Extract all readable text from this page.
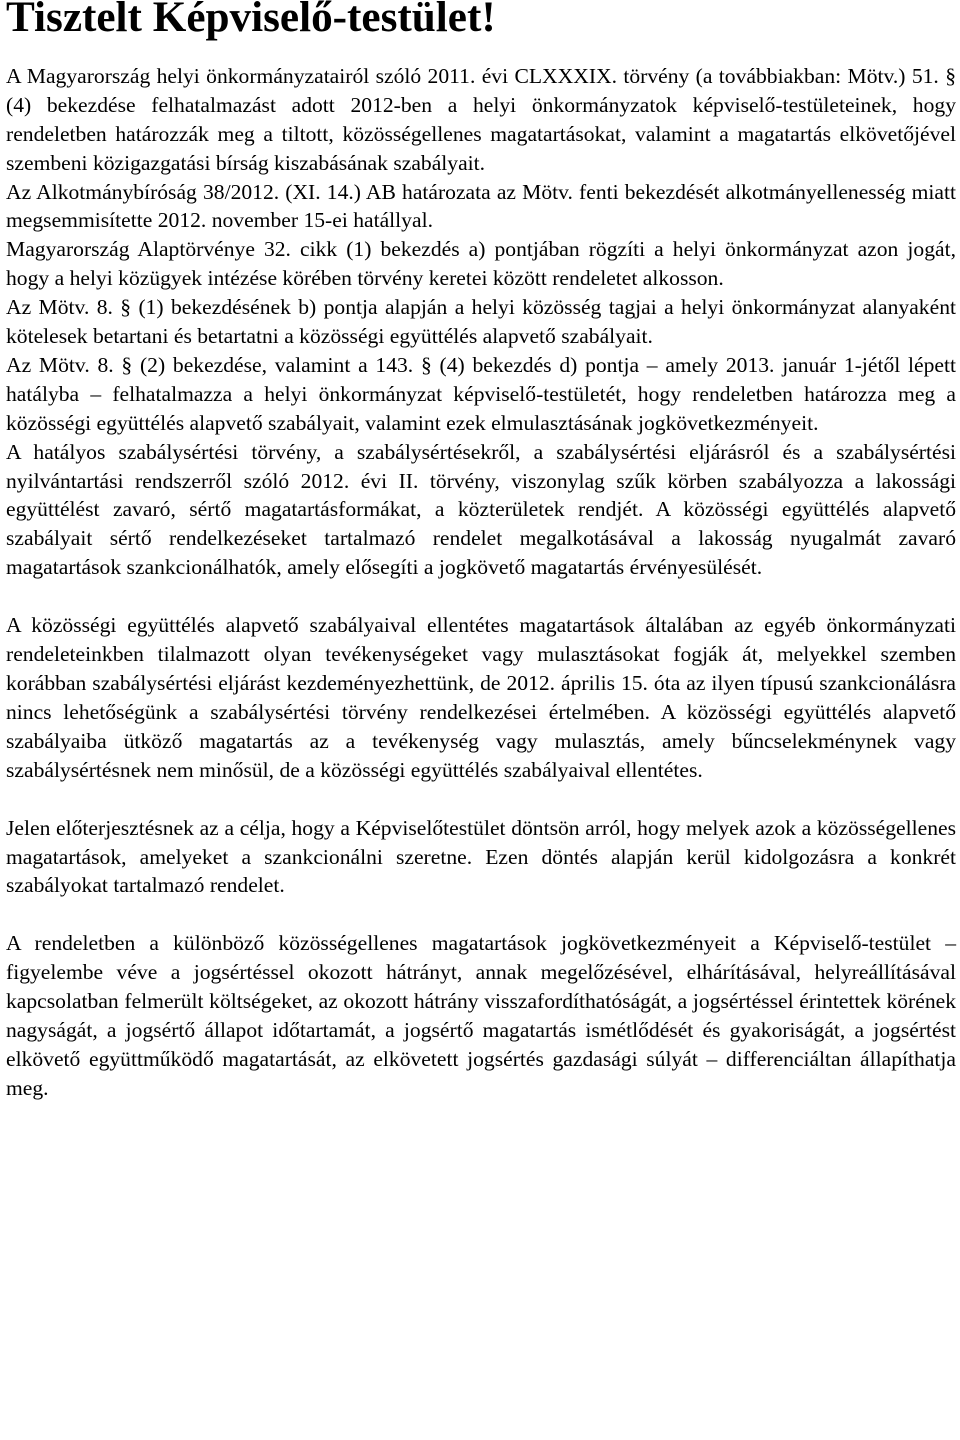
Tisztelt Képviselő-testület!

A Magyarország helyi önkormányzatairól szóló 2011. évi CLXXXIX. törvény (a továbbiakban: Mötv.) 51. § (4) bekezdése felhatalmazást adott 2012-ben a helyi önkormányzatok képviselő-testületeinek, hogy rendeletben határozzák meg a tiltott, közösségellenes magatartásokat, valamint a magatartás elkövetőjével szembeni közigazgatási bírság kiszabásának szabályait.

Az Alkotmánybíróság 38/2012. (XI. 14.) AB határozata az Mötv. fenti bekezdését alkotmányellenesség miatt megsemmisítette 2012. november 15-ei hatállyal.

Magyarország Alaptörvénye 32. cikk (1) bekezdés a) pontjában rögzíti a helyi önkormányzat azon jogát, hogy a helyi közügyek intézése körében törvény keretei között rendeletet alkosson.

Az Mötv. 8. § (1) bekezdésének b) pontja alapján a helyi közösség tagjai a helyi önkormányzat alanyaként kötelesek betartani és betartatni a közösségi együttélés alapvető szabályait.

Az Mötv. 8. § (2) bekezdése, valamint a 143. § (4) bekezdés d) pontja – amely 2013. január 1-jétől lépett hatályba – felhatalmazza a helyi önkormányzat képviselő-testületét, hogy rendeletben határozza meg a közösségi együttélés alapvető szabályait, valamint ezek elmulasztásának jogkövetkezményeit.

A hatályos szabálysértési törvény, a szabálysértésekről, a szabálysértési eljárásról és a szabálysértési nyilvántartási rendszerről szóló 2012. évi II. törvény, viszonylag szűk körben szabályozza a lakossági együttélést zavaró, sértő magatartásformákat, a közterületek rendjét. A közösségi együttélés alapvető szabályait sértő rendelkezéseket tartalmazó rendelet megalkotásával a lakosság nyugalmát zavaró magatartások szankcionálhatók, amely elősegíti a jogkövető magatartás érvényesülését.

A közösségi együttélés alapvető szabályaival ellentétes magatartások általában az egyéb önkormányzati rendeleteinkben tilalmazott olyan tevékenységeket vagy mulasztásokat fogják át, melyekkel szemben korábban szabálysértési eljárást kezdeményezhettünk, de 2012. április 15. óta az ilyen típusú szankcionálásra nincs lehetőségünk a szabálysértési törvény rendelkezései értelmében. A közösségi együttélés alapvető szabályaiba ütköző magatartás az a tevékenység vagy mulasztás, amely bűncselekménynek vagy szabálysértésnek nem minősül, de a közösségi együttélés szabályaival ellentétes.

Jelen előterjesztésnek az a célja, hogy a Képviselőtestület döntsön arról, hogy melyek azok a közösségellenes magatartások, amelyeket a szankcionálni szeretne. Ezen döntés alapján kerül kidolgozásra a konkrét szabályokat tartalmazó rendelet.

A rendeletben a különböző közösségellenes magatartások jogkövetkezményeit a Képviselő-testület – figyelembe véve a jogsértéssel okozott hátrányt, annak megelőzésével, elhárításával, helyreállításával kapcsolatban felmerült költségeket, az okozott hátrány visszafordíthatóságát, a jogsértéssel érintettek körének nagyságát, a jogsértő állapot időtartamát, a jogsértő magatartás ismétlődését és gyakoriságát, a jogsértést elkövető együttműködő magatartását, az elkövetett jogsértés gazdasági súlyát – differenciáltan állapíthatja meg.
